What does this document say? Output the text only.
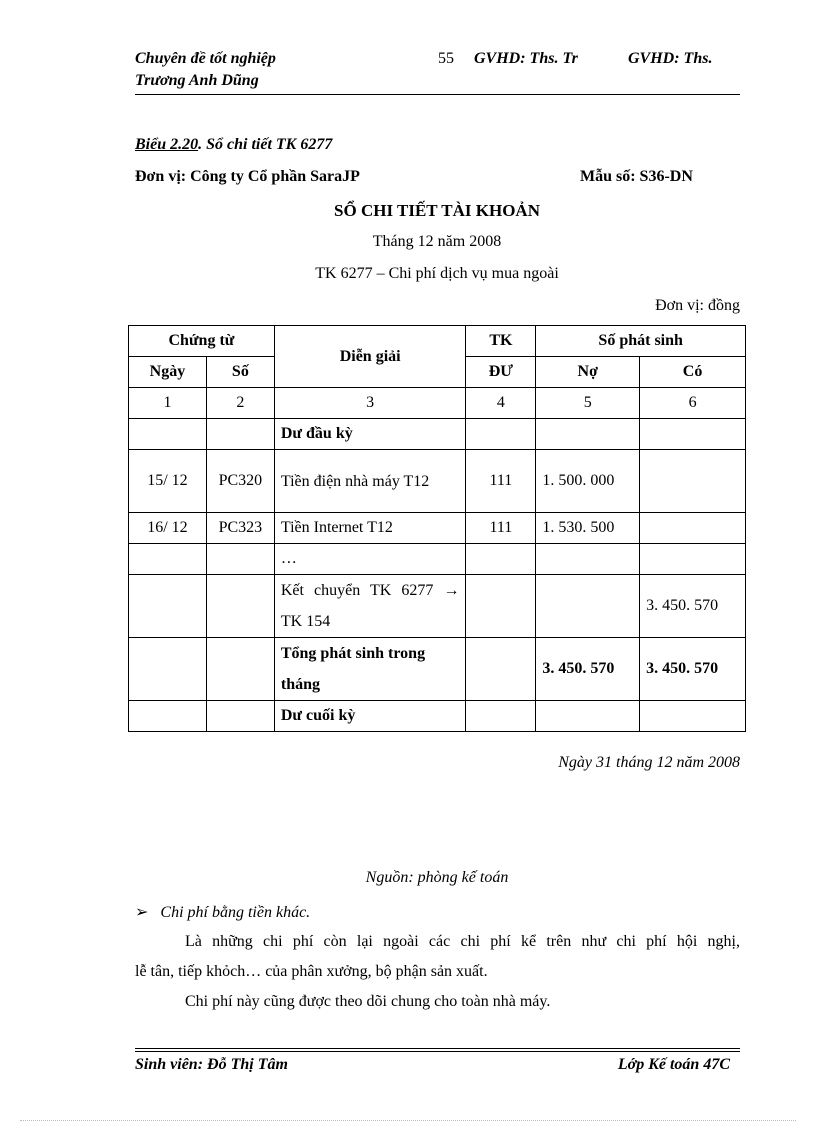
Chuyên đề tốt nghiệp
Trương Anh Dũng
55 GVHD: Ths. Tr	GVHD: Ths.
Biểu 2.20. Sổ chi tiết TK 6277
Đơn vị: Công ty Cổ phần SaraJP	Mẫu số: S36-DN
SỔ CHI TIẾT TÀI KHOẢN
Tháng 12 năm 2008
TK 6277 – Chi phí dịch vụ mua ngoài
Đơn vị: đồng
Chứng từ		Diễn giải	TK	Số phát sinh	
Ngày	Số		ĐƯ	Nợ	Có
1	2	3	4	5	6
		Dư đầu kỳ			
15/ 12	PC320	Tiền điện nhà máy T12	111	1. 500. 000	
16/ 12	PC323	Tiền Internet T12	111	1. 530. 500	
		…			
		Kết chuyển TK 6277 → TK 154			3. 450. 570
		Tổng phát sinh trong tháng		3. 450. 570	3. 450. 570
		Dư cuối kỳ			
Ngày 31 tháng 12 năm 2008
Nguồn: phòng kế toán
➢ Chi phí bằng tiền khác.
Là những chi phí còn lại ngoài các chi phí kể trên như chi phí hội nghị,
lễ tân, tiếp khỏch… của phân xưởng, bộ phận sản xuất.
Chi phí này cũng được theo dõi chung cho toàn nhà máy.
Sinh viên: Đỗ Thị Tâm	Lớp Kế toán 47C
